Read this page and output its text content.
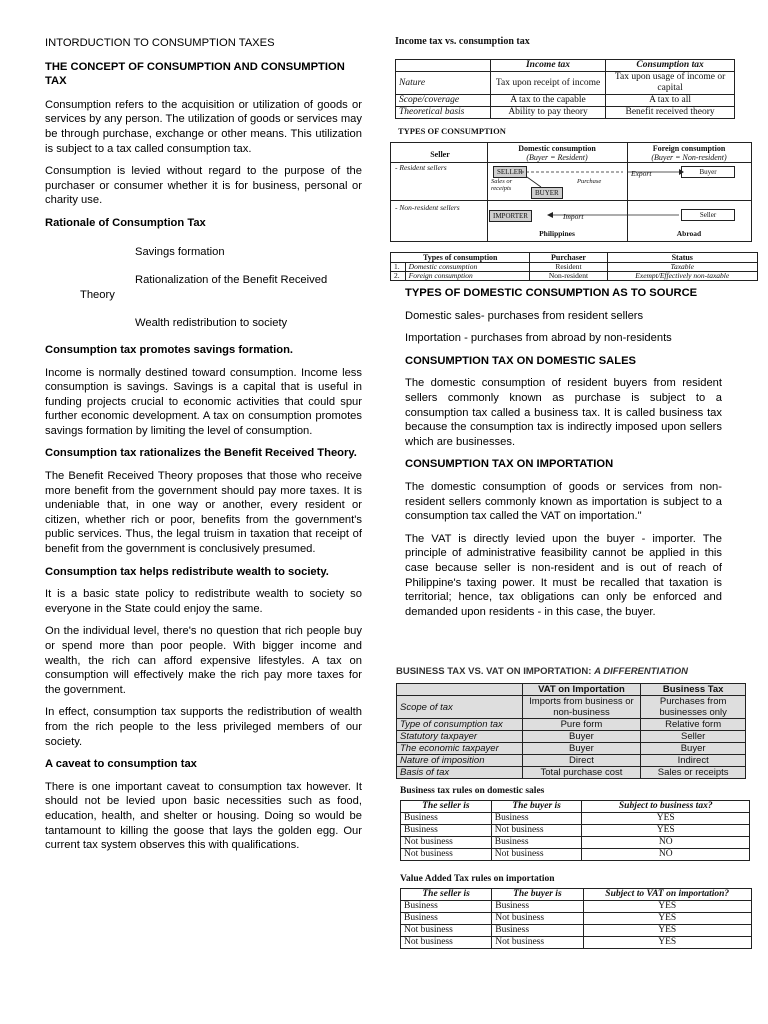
INTORDUCTION TO CONSUMPTION TAXES

THE CONCEPT OF CONSUMPTION AND CONSUMPTION TAX

Consumption refers to the acquisition or utilization of goods or services by any person. The utilization of goods or services may be through purchase, exchange or other means. This utilization is subject to a tax called consumption tax.

Consumption is levied without regard to the purpose of the purchaser or consumer whether it is for business, personal or charity use.

Rationale of Consumption Tax

Savings formation

Rationalization of the Benefit Received
Theory

Wealth redistribution to society

Consumption tax promotes savings formation.

Income is normally destined toward consumption. Income less consumption is savings. Savings is a capital that is useful in funding projects crucial to economic activities that could spur further economic development. A tax on consumption promotes savings formation by limiting the level of consumption.

Consumption tax rationalizes the Benefit Received Theory.

The Benefit Received Theory proposes that those who receive more benefit from the government should pay more taxes. It is undeniable that, in one way or another, every resident or citizen, whether rich or poor, benefits from the government's public services. Thus, the legal truism in taxation that receipt of benefit from the government is conclusively presumed.

Consumption tax helps redistribute wealth to society.

It is a basic state policy to redistribute wealth to society so everyone in the State could enjoy the same.

On the individual level, there's no question that rich people buy or spend more than poor people. With bigger income and wealth, the rich can afford expensive lifestyles. A tax on consumption will effectively make the rich pay more taxes for the government.

In effect, consumption tax supports the redistribution of wealth from the rich people to the less privileged members of our society.

A caveat to consumption tax

There is one important caveat to consumption tax however. It should not be levied upon basic necessities such as food, education, health, and shelter or housing. Doing so would be tantamount to killing the goose that lays the golden egg. Our current tax system observes this with qualifications.

Income tax vs. consumption tax
	Income tax	Consumption tax
Nature	Tax upon receipt of income	Tax upon usage of income or capital
Scope/coverage	A tax to the capable	A tax to all
Theoretical basis	Ability to pay theory	Benefit received theory
TYPES OF CONSUMPTION
Seller
Domestic consumption
(Buyer = Resident)
Foreign consumption
(Buyer = Non-resident)
- Resident sellers
- Non-resident sellers
SELLER
Sales or receipts
Purchase
BUYER
Export	Buyer
IMPORTER	Import	Seller
Philippines	Abroad
Types of consumption		Purchaser	Status
1.	Domestic consumption	Resident	Taxable
2.	Foreign consumption	Non-resident	Exempt/Effectively non-taxable

TYPES OF DOMESTIC CONSUMPTION AS TO SOURCE

Domestic sales- purchases from resident sellers

Importation - purchases from abroad by non-residents

CONSUMPTION TAX ON DOMESTIC SALES

The domestic consumption of resident buyers from resident sellers commonly known as purchase is subject to a consumption tax called a business tax. It is called business tax because the consumption tax is indirectly imposed upon sellers which are businesses.

CONSUMPTION TAX ON IMPORTATION

The domestic consumption of goods or services from non-resident sellers commonly known as importation is subject to a consumption tax called the VAT on importation."

The VAT is directly levied upon the buyer - importer. The principle of administrative feasibility cannot be applied in this case because seller is non-resident and is out of reach of Philippine's taxing power. It must be recalled that taxation is territorial; hence, tax obligations can only be enforced and demanded upon residents - in this case, the buyer.

BUSINESS TAX VS. VAT ON IMPORTATION: A DIFFERENTIATION
	VAT on Importation	Business Tax
Scope of tax	Imports from business or non-business	Purchases from businesses only
Type of consumption tax	Pure form	Relative form
Statutory taxpayer	Buyer	Seller
The economic taxpayer	Buyer	Buyer
Nature of imposition	Direct	Indirect
Basis of tax	Total purchase cost	Sales or receipts
Business tax rules on domestic sales
The seller is	The buyer is	Subject to business tax?
Business	Business	YES
Business	Not business	YES
Not business	Business	NO
Not business	Not business	NO
Value Added Tax rules on importation
The seller is	The buyer is	Subject to VAT on importation?
Business	Business	YES
Business	Not business	YES
Not business	Business	YES
Not business	Not business	YES
